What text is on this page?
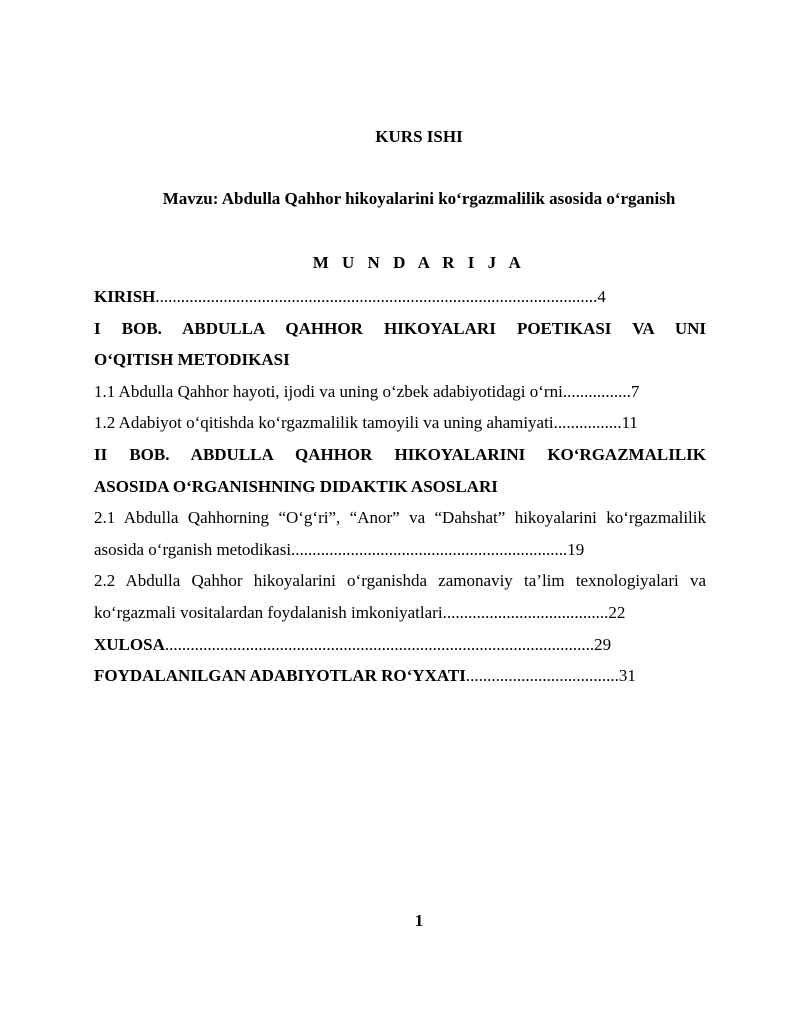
KURS ISHI
Mavzu: Abdulla Qahhor hikoyalarini ko‘rgazmalilik asosida o‘rganish
M U N D A R I J A

KIRISH........................................................................................................4

I BOB. ABDULLA QAHHOR HIKOYALARI POETIKASI VA UNI

O‘QITISH METODIKASI

1.1 Abdulla Qahhor hayoti, ijodi va uning o‘zbek adabiyotidagi o‘rni................7

1.2 Adabiyot o‘qitishda ko‘rgazmalilik tamoyili va uning ahamiyati................11

II BOB. ABDULLA QAHHOR HIKOYALARINI KO‘RGAZMALILIK

ASOSIDA O‘RGANISHNING DIDAKTIK ASOSLARI

2.1 Abdulla Qahhorning “O‘g‘ri”, “Anor” va “Dahshat” hikoyalarini ko‘rgazmalilik

asosida o‘rganish metodikasi.................................................................19

2.2 Abdulla Qahhor hikoyalarini o‘rganishda zamonaviy ta’lim texnologiyalari va

ko‘rgazmali vositalardan foydalanish imkoniyatlari.......................................22

XULOSA.....................................................................................................29

FOYDALANILGAN ADABIYOTLAR RO‘YXATI....................................31

1
